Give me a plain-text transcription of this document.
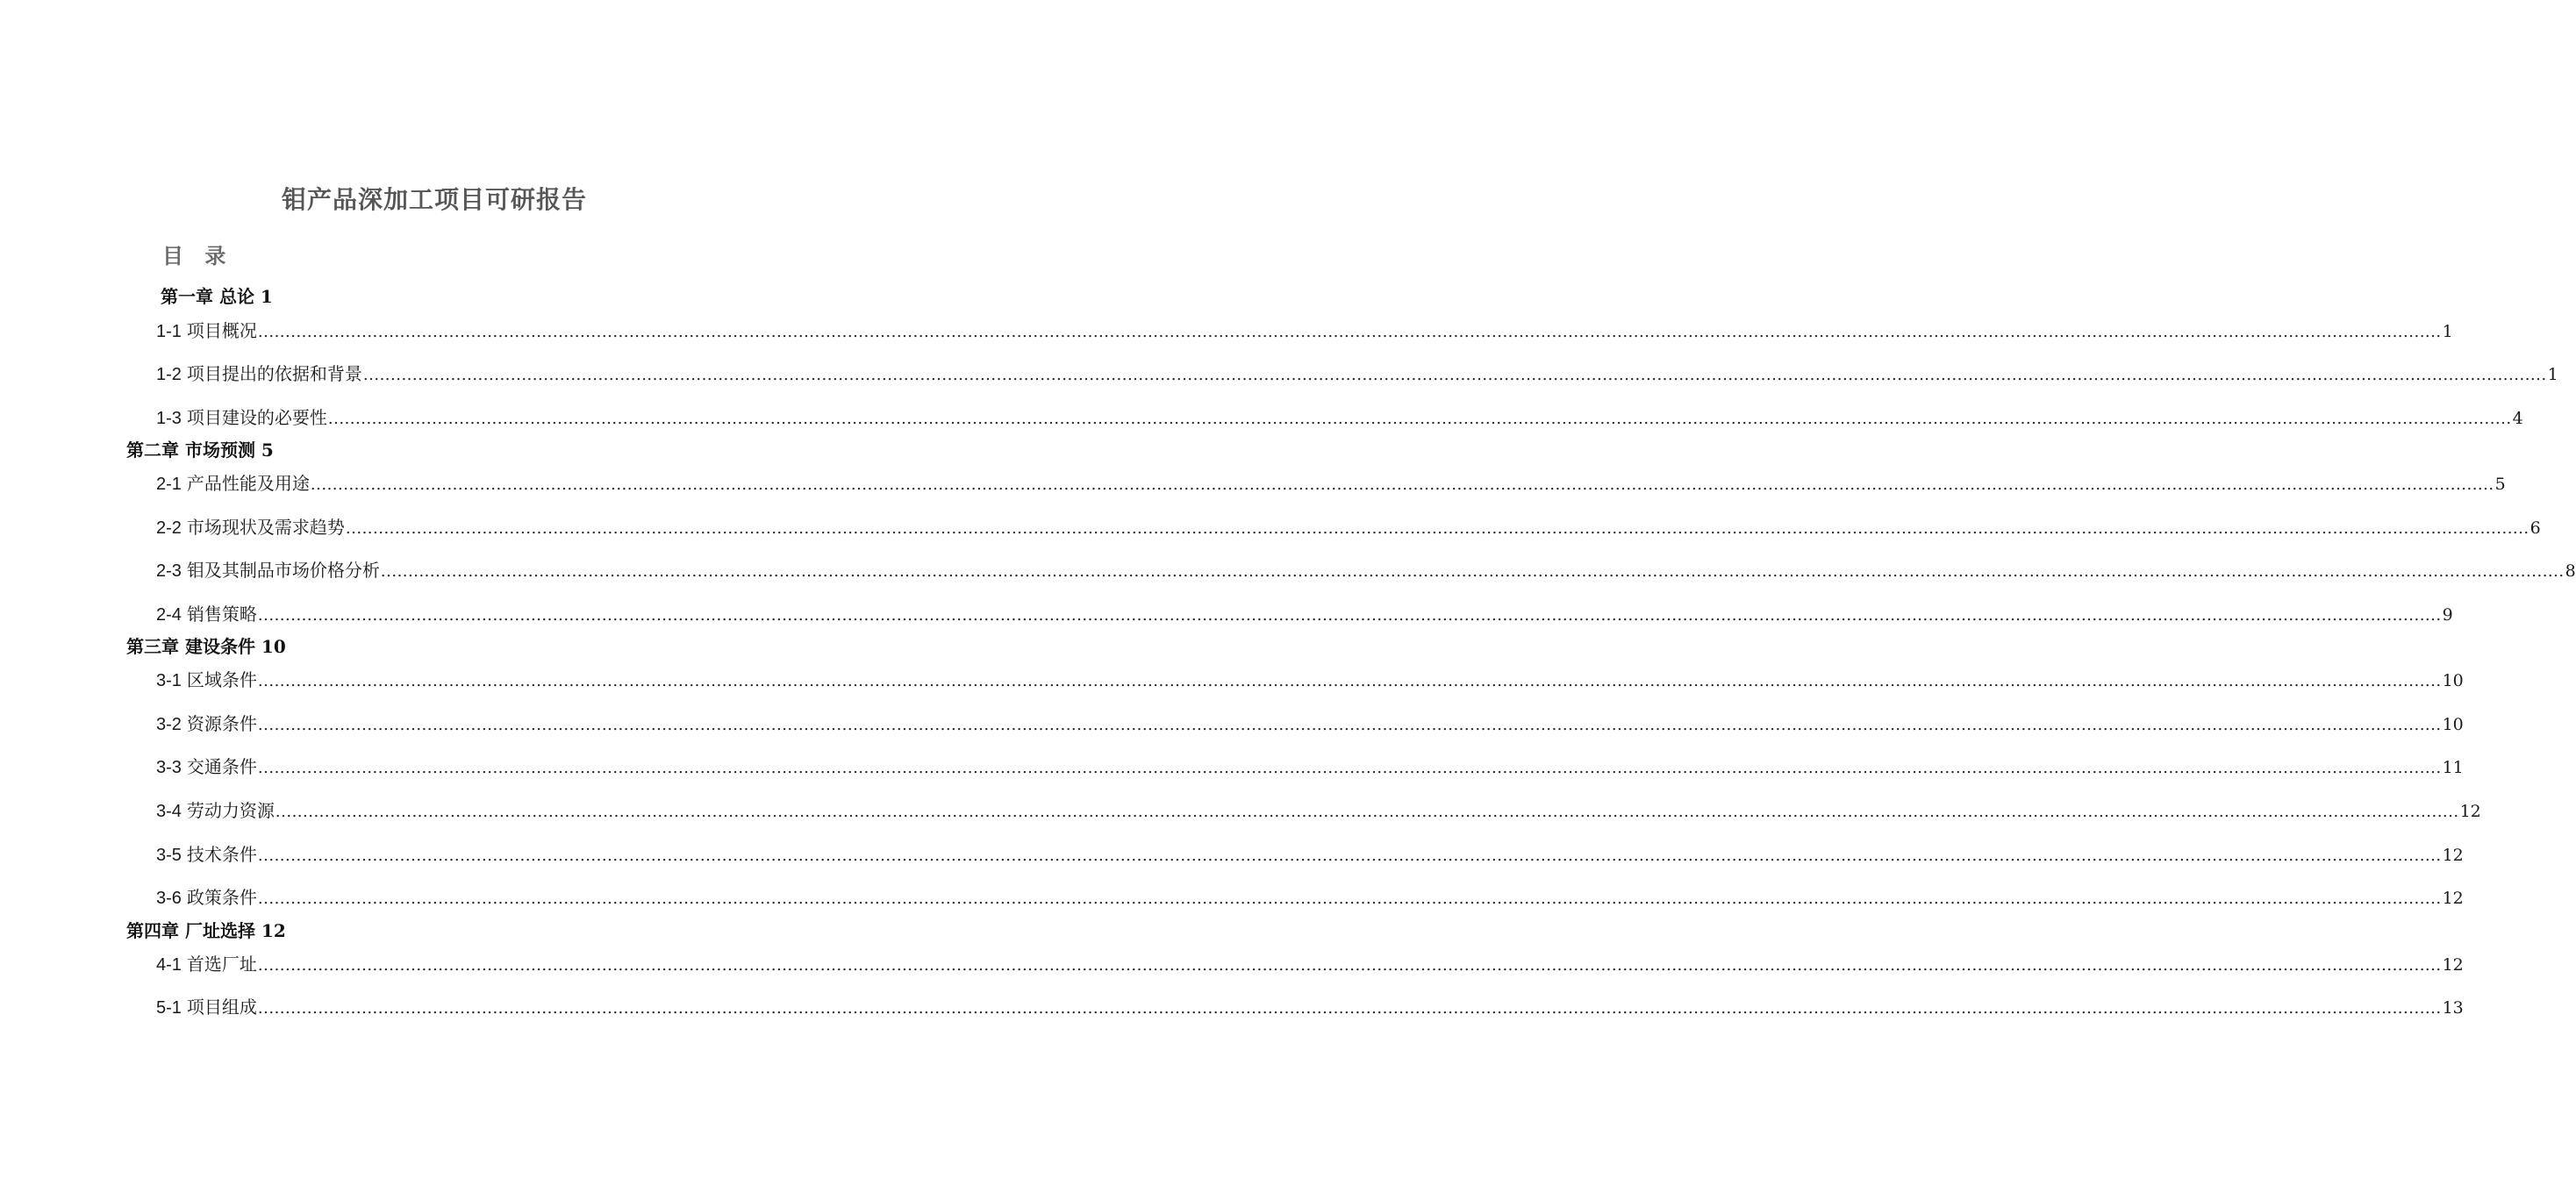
钼产品深加工项目可研报告
目 录
第一章 总论 1
1-1 项目概况 ................................................................................................................................................................................................................................................................................................................................................................................................................ 1
1-2 项目提出的依据和背景 ................................................................................................................................................................................................................................................................................................................................................................................................................ 1
1-3 项目建设的必要性 ................................................................................................................................................................................................................................................................................................................................................................................................................ 4
第二章 市场预测 5
2-1 产品性能及用途 ................................................................................................................................................................................................................................................................................................................................................................................................................ 5
2-2 市场现状及需求趋势 ................................................................................................................................................................................................................................................................................................................................................................................................................ 6
2-3 钼及其制品市场价格分析 ................................................................................................................................................................................................................................................................................................................................................................................................................ 8
2-4 销售策略 ................................................................................................................................................................................................................................................................................................................................................................................................................ 9
第三章 建设条件 10
3-1 区域条件 ................................................................................................................................................................................................................................................................................................................................................................................................................ 10
3-2 资源条件 ................................................................................................................................................................................................................................................................................................................................................................................................................ 10
3-3 交通条件 ................................................................................................................................................................................................................................................................................................................................................................................................................ 11
3-4 劳动力资源 ................................................................................................................................................................................................................................................................................................................................................................................................................ 12
3-5 技术条件 ................................................................................................................................................................................................................................................................................................................................................................................................................ 12
3-6 政策条件 ................................................................................................................................................................................................................................................................................................................................................................................................................ 12
第四章 厂址选择 12
4-1 首选厂址 ................................................................................................................................................................................................................................................................................................................................................................................................................ 12
5-1 项目组成 ................................................................................................................................................................................................................................................................................................................................................................................................................ 13
